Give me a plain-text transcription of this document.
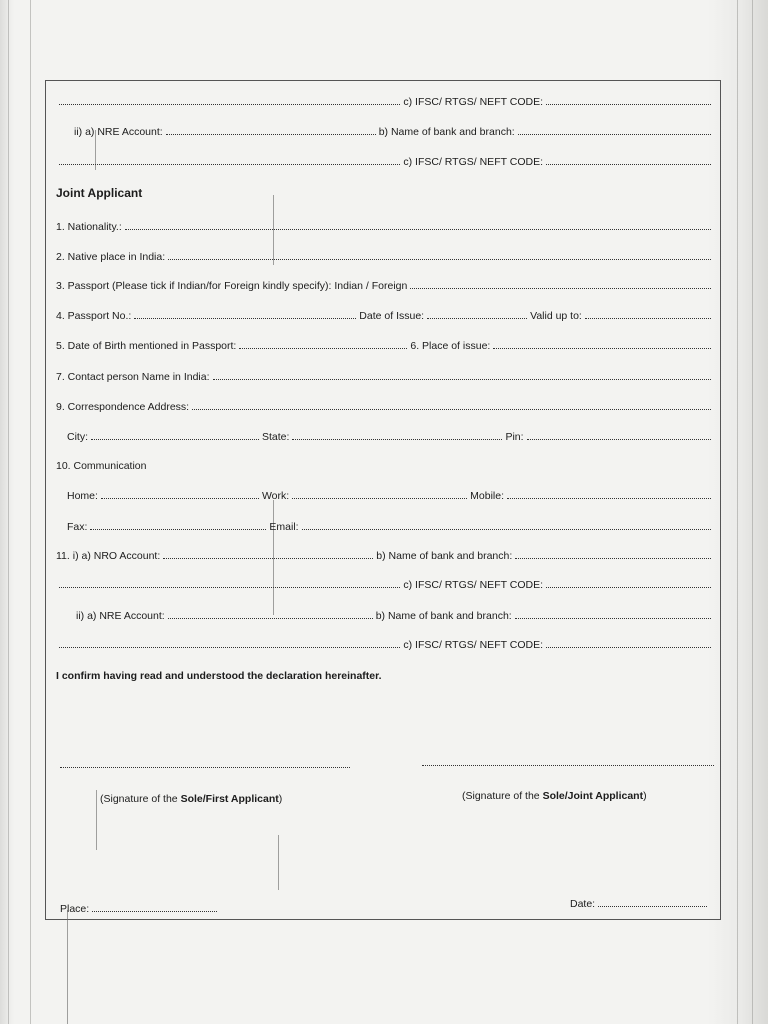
c) IFSC/ RTGS/ NEFT CODE:
ii) a) NRE Account:	b) Name of bank and branch:
c) IFSC/ RTGS/ NEFT CODE:
Joint Applicant
1. Nationality.:
2. Native place in India:
3. Passport (Please tick if Indian/for Foreign kindly specify): Indian / Foreign
4. Passport No.:	Date of Issue:	Valid up to:
5. Date of Birth mentioned in Passport:	6. Place of issue:
7. Contact person Name in India:
9. Correspondence Address:
City:	State:	Pin:
10. Communication
Home:	Work:	Mobile:
Fax:	Email:
11. i) a) NRO Account:	b) Name of bank and branch:
c) IFSC/ RTGS/ NEFT CODE:
ii) a) NRE Account:	b) Name of bank and branch:
c) IFSC/ RTGS/ NEFT CODE:
I confirm having read and understood the declaration hereinafter.
(Signature of the Sole/First Applicant)	(Signature of the Sole/Joint Applicant)
Place:	Date:
